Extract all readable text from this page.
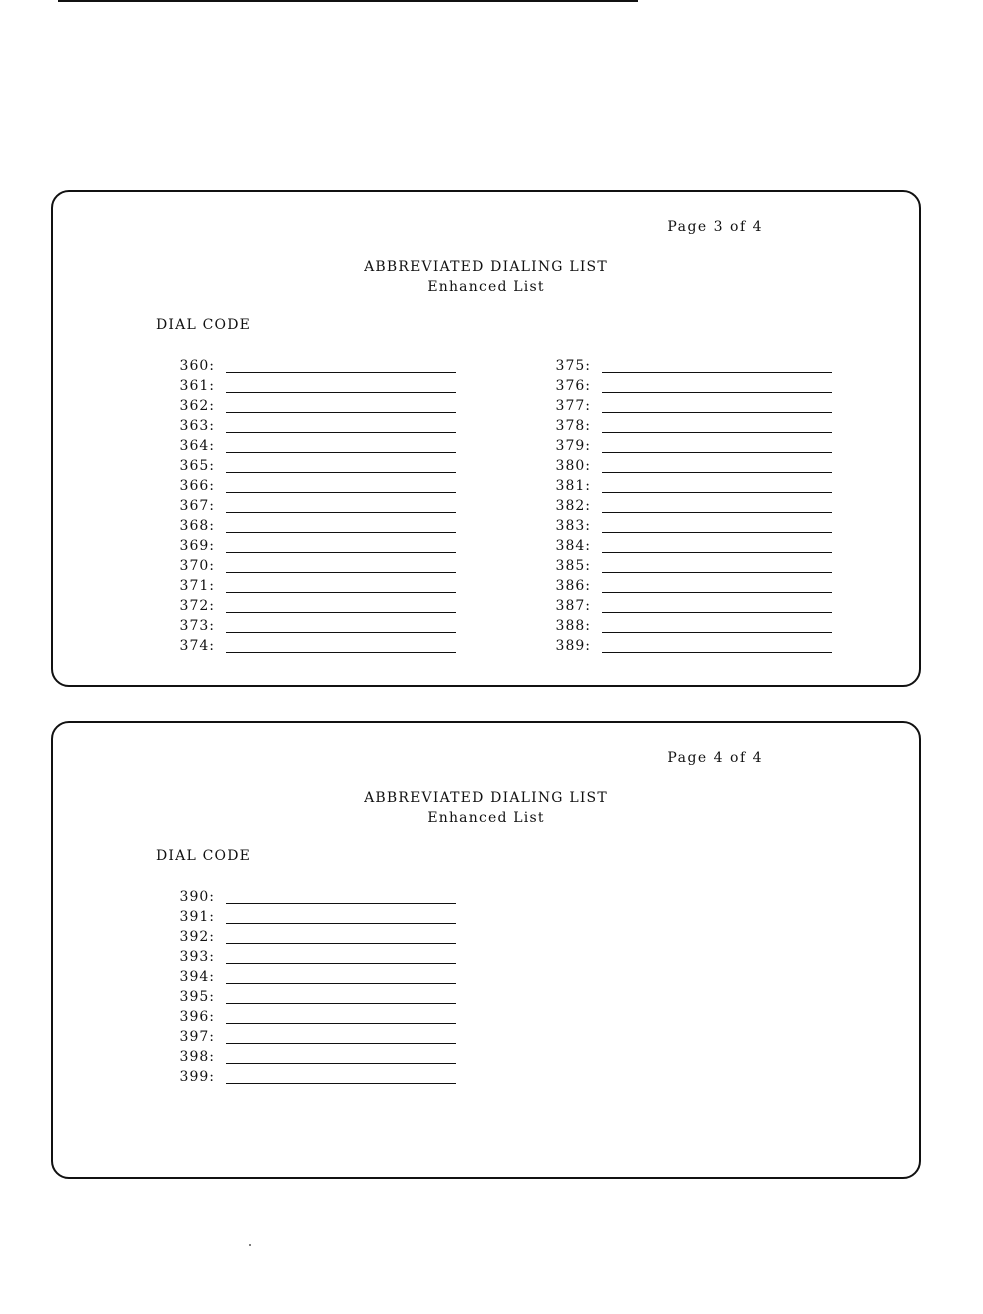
Page 3 of 4
ABBREVIATED DIALING LIST
Enhanced List
DIAL CODE
360:
361:
362:
363:
364:
365:
366:
367:
368:
369:
370:
371:
372:
373:
374:
375:
376:
377:
378:
379:
380:
381:
382:
383:
384:
385:
386:
387:
388:
389:
Page 4 of 4
ABBREVIATED DIALING LIST
Enhanced List
DIAL CODE
390:
391:
392:
393:
394:
395:
396:
397:
398:
399:
